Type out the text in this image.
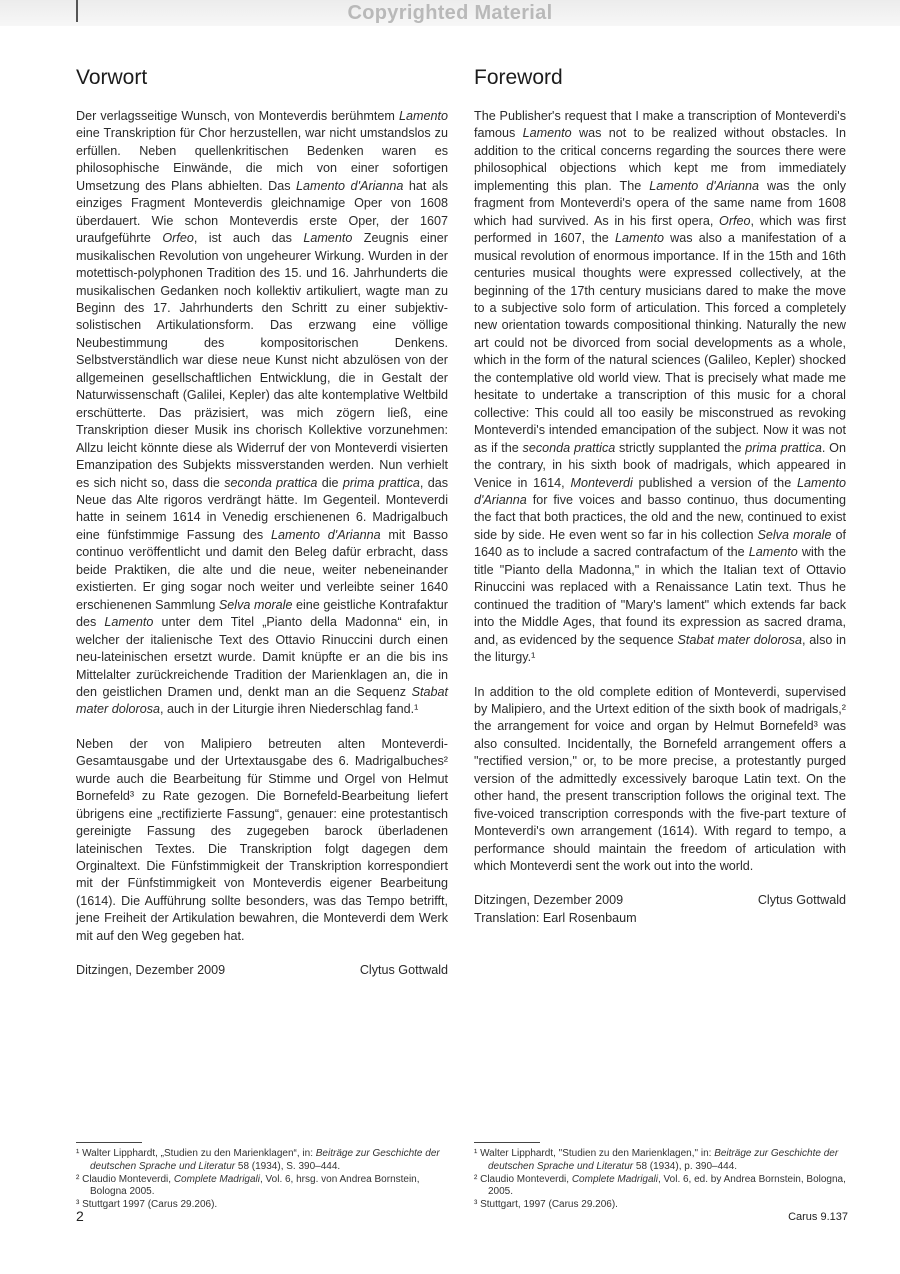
Copyrighted Material
Vorwort

Der verlagsseitige Wunsch, von Monteverdis berühmtem Lamento eine Transkription für Chor herzustellen, war nicht umstandslos zu erfüllen. Neben quellenkritischen Bedenken waren es philosophische Einwände, die mich von einer sofortigen Umsetzung des Plans abhielten. Das Lamento d'Arianna hat als einziges Fragment Monteverdis gleichnamige Oper von 1608 überdauert. Wie schon Monteverdis erste Oper, der 1607 uraufgeführte Orfeo, ist auch das Lamento Zeugnis einer musikalischen Revolution von ungeheurer Wirkung. Wurden in der motettisch-polyphonen Tradition des 15. und 16. Jahrhunderts die musikalischen Gedanken noch kollektiv artikuliert, wagte man zu Beginn des 17. Jahrhunderts den Schritt zu einer subjektiv-solistischen Artikulationsform. Das erzwang eine völlige Neubestimmung des kompositorischen Denkens. Selbstverständlich war diese neue Kunst nicht abzulösen von der allgemeinen gesellschaftlichen Entwicklung, die in Gestalt der Naturwissenschaft (Galilei, Kepler) das alte kontemplative Weltbild erschütterte. Das präzisiert, was mich zögern ließ, eine Transkription dieser Musik ins chorisch Kollektive vorzunehmen: Allzu leicht könnte diese als Widerruf der von Monteverdi visierten Emanzipation des Subjekts missverstanden werden. Nun verhielt es sich nicht so, dass die seconda prattica die prima prattica, das Neue das Alte rigoros verdrängt hätte. Im Gegenteil. Monteverdi hatte in seinem 1614 in Venedig erschienenen 6. Madrigalbuch eine fünfstimmige Fassung des Lamento d'Arianna mit Basso continuo veröffentlicht und damit den Beleg dafür erbracht, dass beide Praktiken, die alte und die neue, weiter nebeneinander existierten. Er ging sogar noch weiter und verleibte seiner 1640 erschienenen Sammlung Selva morale eine geistliche Kontrafaktur des Lamento unter dem Titel „Pianto della Madonna“ ein, in welcher der italienische Text des Ottavio Rinuccini durch einen neu-lateinischen ersetzt wurde. Damit knüpfte er an die bis ins Mittelalter zurückreichende Tradition der Marienklagen an, die in den geistlichen Dramen und, denkt man an die Sequenz Stabat mater dolorosa, auch in der Liturgie ihren Niederschlag fand.¹

Neben der von Malipiero betreuten alten Monteverdi-Gesamtausgabe und der Urtextausgabe des 6. Madrigalbuches² wurde auch die Bearbeitung für Stimme und Orgel von Helmut Bornefeld³ zu Rate gezogen. Die Bornefeld-Bearbeitung liefert übrigens eine „rectifizierte Fassung“, genauer: eine protestantisch gereinigte Fassung des zugegeben barock überladenen lateinischen Textes. Die Transkription folgt dagegen dem Orginaltext. Die Fünfstimmigkeit der Transkription korrespondiert mit der Fünfstimmigkeit von Monteverdis eigener Bearbeitung (1614). Die Aufführung sollte besonders, was das Tempo betrifft, jene Freiheit der Artikulation bewahren, die Monteverdi dem Werk mit auf den Weg gegeben hat.

Ditzingen, Dezember 2009	Clytus Gottwald
¹ Walter Lipphardt, „Studien zu den Marienklagen“, in: Beiträge zur Geschichte der deutschen Sprache und Literatur 58 (1934), S. 390–444.
² Claudio Monteverdi, Complete Madrigali, Vol. 6, hrsg. von Andrea Bornstein, Bologna 2005.
³ Stuttgart 1997 (Carus 29.206).
Foreword

The Publisher's request that I make a transcription of Monteverdi's famous Lamento was not to be realized without obstacles. In addition to the critical concerns regarding the sources there were philosophical objections which kept me from immediately implementing this plan. The Lamento d'Arianna was the only fragment from Monteverdi's opera of the same name from 1608 which had survived. As in his first opera, Orfeo, which was first performed in 1607, the Lamento was also a manifestation of a musical revolution of enormous importance. If in the 15th and 16th centuries musical thoughts were expressed collectively, at the beginning of the 17th century musicians dared to make the move to a subjective solo form of articulation. This forced a completely new orientation towards compositional thinking. Naturally the new art could not be divorced from social developments as a whole, which in the form of the natural sciences (Galileo, Kepler) shocked the contemplative old world view. That is precisely what made me hesitate to undertake a transcription of this music for a choral collective: This could all too easily be misconstrued as revoking Monteverdi's intended emancipation of the subject. Now it was not as if the seconda prattica strictly supplanted the prima prattica. On the contrary, in his sixth book of madrigals, which appeared in Venice in 1614, Monteverdi published a version of the Lamento d'Arianna for five voices and basso continuo, thus documenting the fact that both practices, the old and the new, continued to exist side by side. He even went so far in his collection Selva morale of 1640 as to include a sacred contrafactum of the Lamento with the title "Pianto della Madonna," in which the Italian text of Ottavio Rinuccini was replaced with a Renaissance Latin text. Thus he continued the tradition of "Mary's lament" which extends far back into the Middle Ages, that found its expression as sacred drama, and, as evidenced by the sequence Stabat mater dolorosa, also in the liturgy.¹

In addition to the old complete edition of Monteverdi, supervised by Malipiero, and the Urtext edition of the sixth book of madrigals,² the arrangement for voice and organ by Helmut Bornefeld³ was also consulted. Incidentally, the Bornefeld arrangement offers a "rectified version," or, to be more precise, a protestantly purged version of the admittedly excessively baroque Latin text. On the other hand, the present transcription follows the original text. The five-voiced transcription corresponds with the five-part texture of Monteverdi's own arrangement (1614). With regard to tempo, a performance should maintain the freedom of articulation with which Monteverdi sent the work out into the world.

Ditzingen, Dezember 2009	Clytus Gottwald
Translation: Earl Rosenbaum
¹ Walter Lipphardt, "Studien zu den Marienklagen," in: Beiträge zur Geschichte der deutschen Sprache und Literatur 58 (1934), p. 390–444.
² Claudio Monteverdi, Complete Madrigali, Vol. 6, ed. by Andrea Bornstein, Bologna, 2005.
³ Stuttgart, 1997 (Carus 29.206).
2	Carus 9.137
